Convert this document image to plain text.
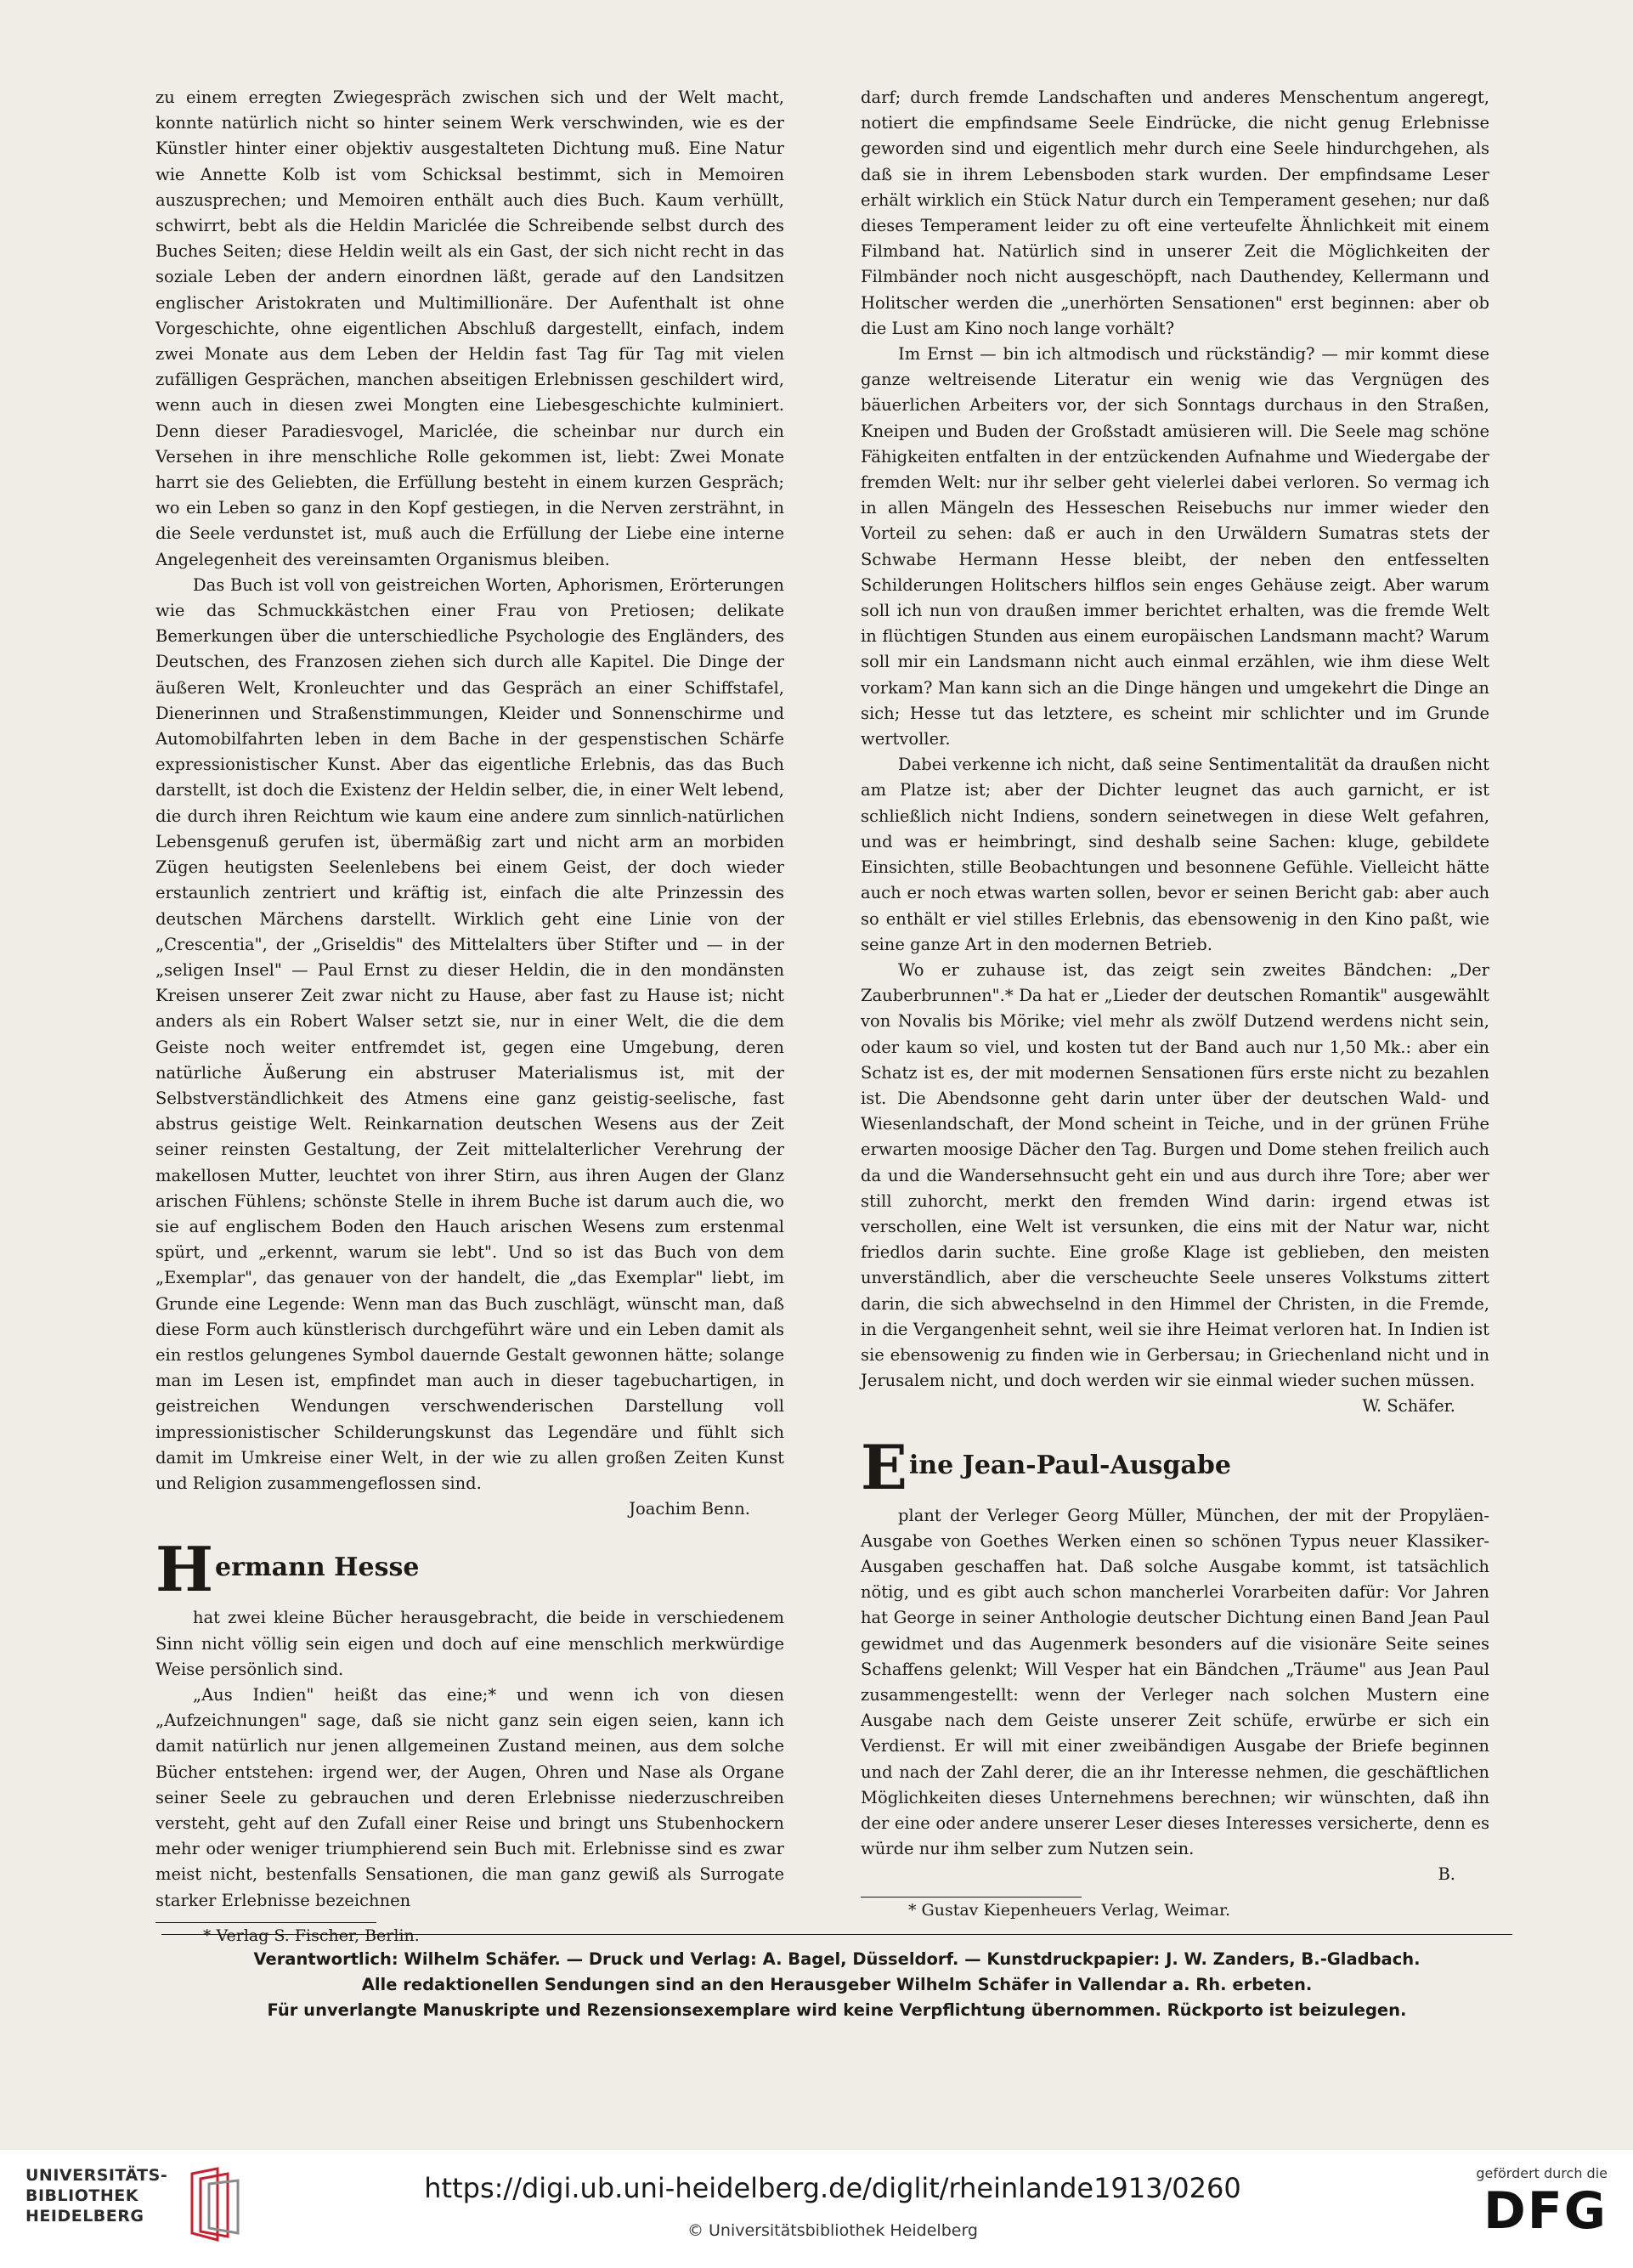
zu einem erregten Zwiegespräch zwischen sich und der Welt macht, konnte natürlich nicht so hinter seinem Werk verschwinden, wie es der Künstler hinter einer objektiv ausgestalteten Dichtung muß. Eine Natur wie Annette Kolb ist vom Schicksal bestimmt, sich in Memoiren auszusprechen; und Memoiren enthält auch dies Buch. Kaum verhüllt, schwirrt, bebt als die Heldin Mariclée die Schreibende selbst durch des Buches Seiten; diese Heldin weilt als ein Gast, der sich nicht recht in das soziale Leben der andern einordnen läßt, gerade auf den Landsitzen englischer Aristokraten und Multimillionäre. Der Aufenthalt ist ohne Vorgeschichte, ohne eigentlichen Abschluß dargestellt, einfach, indem zwei Monate aus dem Leben der Heldin fast Tag für Tag mit vielen zufälligen Gesprächen, manchen abseitigen Erlebnissen geschildert wird, wenn auch in diesen zwei Mongten eine Liebesgeschichte kulminiert. Denn dieser Paradiesvogel, Mariclée, die scheinbar nur durch ein Versehen in ihre menschliche Rolle gekommen ist, liebt: Zwei Monate harrt sie des Geliebten, die Erfüllung besteht in einem kurzen Gespräch; wo ein Leben so ganz in den Kopf gestiegen, in die Nerven zersträhnt, in die Seele verdunstet ist, muß auch die Erfüllung der Liebe eine interne Angelegenheit des vereinsamten Organismus bleiben.

Das Buch ist voll von geistreichen Worten, Aphorismen, Erörterungen wie das Schmuckkästchen einer Frau von Pretiosen; delikate Bemerkungen über die unterschiedliche Psychologie des Engländers, des Deutschen, des Franzosen ziehen sich durch alle Kapitel. Die Dinge der äußeren Welt, Kronleuchter und das Gespräch an einer Schiffstafel, Dienerinnen und Straßenstimmungen, Kleider und Sonnenschirme und Automobilfahrten leben in dem Bache in der gespenstischen Schärfe expressionistischer Kunst. Aber das eigentliche Erlebnis, das das Buch darstellt, ist doch die Existenz der Heldin selber, die, in einer Welt lebend, die durch ihren Reichtum wie kaum eine andere zum sinnlich-natürlichen Lebensgenuß gerufen ist, übermäßig zart und nicht arm an morbiden Zügen heutigsten Seelenlebens bei einem Geist, der doch wieder erstaunlich zentriert und kräftig ist, einfach die alte Prinzessin des deutschen Märchens darstellt. Wirklich geht eine Linie von der „Crescentia", der „Griseldis" des Mittelalters über Stifter und — in der „seligen Insel" — Paul Ernst zu dieser Heldin, die in den mondänsten Kreisen unserer Zeit zwar nicht zu Hause, aber fast zu Hause ist; nicht anders als ein Robert Walser setzt sie, nur in einer Welt, die die dem Geiste noch weiter entfremdet ist, gegen eine Umgebung, deren natürliche Äußerung ein abstruser Materialismus ist, mit der Selbstverständlichkeit des Atmens eine ganz geistig-seelische, fast abstrus geistige Welt. Reinkarnation deutschen Wesens aus der Zeit seiner reinsten Gestaltung, der Zeit mittelalterlicher Verehrung der makellosen Mutter, leuchtet von ihrer Stirn, aus ihren Augen der Glanz arischen Fühlens; schönste Stelle in ihrem Buche ist darum auch die, wo sie auf englischem Boden den Hauch arischen Wesens zum erstenmal spürt, und „erkennt, warum sie lebt". Und so ist das Buch von dem „Exemplar", das genauer von der handelt, die „das Exemplar" liebt, im Grunde eine Legende: Wenn man das Buch zuschlägt, wünscht man, daß diese Form auch künstlerisch durchgeführt wäre und ein Leben damit als ein restlos gelungenes Symbol dauernde Gestalt gewonnen hätte; solange man im Lesen ist, empfindet man auch in dieser tagebuchartigen, in geistreichen Wendungen verschwenderischen Darstellung voll impressionistischer Schilderungskunst das Legendäre und fühlt sich damit im Umkreise einer Welt, in der wie zu allen großen Zeiten Kunst und Religion zusammengeflossen sind.

Joachim Benn.
Hermann Hesse

hat zwei kleine Bücher herausgebracht, die beide in verschiedenem Sinn nicht völlig sein eigen und doch auf eine menschlich merkwürdige Weise persönlich sind.

„Aus Indien" heißt das eine;* und wenn ich von diesen „Aufzeichnungen" sage, daß sie nicht ganz sein eigen seien, kann ich damit natürlich nur jenen allgemeinen Zustand meinen, aus dem solche Bücher entstehen: irgend wer, der Augen, Ohren und Nase als Organe seiner Seele zu gebrauchen und deren Erlebnisse niederzuschreiben versteht, geht auf den Zufall einer Reise und bringt uns Stubenhockern mehr oder weniger triumphierend sein Buch mit. Erlebnisse sind es zwar meist nicht, bestenfalls Sensationen, die man ganz gewiß als Surrogate starker Erlebnisse bezeichnen

* Verlag S. Fischer, Berlin.

darf; durch fremde Landschaften und anderes Menschentum angeregt, notiert die empfindsame Seele Eindrücke, die nicht genug Erlebnisse geworden sind und eigentlich mehr durch eine Seele hindurchgehen, als daß sie in ihrem Lebensboden stark wurden. Der empfindsame Leser erhält wirklich ein Stück Natur durch ein Temperament gesehen; nur daß dieses Temperament leider zu oft eine verteufelte Ähnlichkeit mit einem Filmband hat. Natürlich sind in unserer Zeit die Möglichkeiten der Filmbänder noch nicht ausgeschöpft, nach Dauthendey, Kellermann und Holitscher werden die „unerhörten Sensationen" erst beginnen: aber ob die Lust am Kino noch lange vorhält?

Im Ernst — bin ich altmodisch und rückständig? — mir kommt diese ganze weltreisende Literatur ein wenig wie das Vergnügen des bäuerlichen Arbeiters vor, der sich Sonntags durchaus in den Straßen, Kneipen und Buden der Großstadt amüsieren will. Die Seele mag schöne Fähigkeiten entfalten in der entzückenden Aufnahme und Wiedergabe der fremden Welt: nur ihr selber geht vielerlei dabei verloren. So vermag ich in allen Mängeln des Hesseschen Reisebuchs nur immer wieder den Vorteil zu sehen: daß er auch in den Urwäldern Sumatras stets der Schwabe Hermann Hesse bleibt, der neben den entfesselten Schilderungen Holitschers hilflos sein enges Gehäuse zeigt. Aber warum soll ich nun von draußen immer berichtet erhalten, was die fremde Welt in flüchtigen Stunden aus einem europäischen Landsmann macht? Warum soll mir ein Landsmann nicht auch einmal erzählen, wie ihm diese Welt vorkam? Man kann sich an die Dinge hängen und umgekehrt die Dinge an sich; Hesse tut das letztere, es scheint mir schlichter und im Grunde wertvoller.

Dabei verkenne ich nicht, daß seine Sentimentalität da draußen nicht am Platze ist; aber der Dichter leugnet das auch garnicht, er ist schließlich nicht Indiens, sondern seinetwegen in diese Welt gefahren, und was er heimbringt, sind deshalb seine Sachen: kluge, gebildete Einsichten, stille Beobachtungen und besonnene Gefühle. Vielleicht hätte auch er noch etwas warten sollen, bevor er seinen Bericht gab: aber auch so enthält er viel stilles Erlebnis, das ebensowenig in den Kino paßt, wie seine ganze Art in den modernen Betrieb.

Wo er zuhause ist, das zeigt sein zweites Bändchen: „Der Zauberbrunnen".* Da hat er „Lieder der deutschen Romantik" ausgewählt von Novalis bis Mörike; viel mehr als zwölf Dutzend werdens nicht sein, oder kaum so viel, und kosten tut der Band auch nur 1,50 Mk.: aber ein Schatz ist es, der mit modernen Sensationen fürs erste nicht zu bezahlen ist. Die Abendsonne geht darin unter über der deutschen Wald- und Wiesenlandschaft, der Mond scheint in Teiche, und in der grünen Frühe erwarten moosige Dächer den Tag. Burgen und Dome stehen freilich auch da und die Wandersehnsucht geht ein und aus durch ihre Tore; aber wer still zuhorcht, merkt den fremden Wind darin: irgend etwas ist verschollen, eine Welt ist versunken, die eins mit der Natur war, nicht friedlos darin suchte. Eine große Klage ist geblieben, den meisten unverständlich, aber die verscheuchte Seele unseres Volkstums zittert darin, die sich abwechselnd in den Himmel der Christen, in die Fremde, in die Vergangenheit sehnt, weil sie ihre Heimat verloren hat. In Indien ist sie ebensowenig zu finden wie in Gerbersau; in Griechenland nicht und in Jerusalem nicht, und doch werden wir sie einmal wieder suchen müssen.

W. Schäfer.
Eine Jean-Paul-Ausgabe

plant der Verleger Georg Müller, München, der mit der Propyläen-Ausgabe von Goethes Werken einen so schönen Typus neuer Klassiker-Ausgaben geschaffen hat. Daß solche Ausgabe kommt, ist tatsächlich nötig, und es gibt auch schon mancherlei Vorarbeiten dafür: Vor Jahren hat George in seiner Anthologie deutscher Dichtung einen Band Jean Paul gewidmet und das Augenmerk besonders auf die visionäre Seite seines Schaffens gelenkt; Will Vesper hat ein Bändchen „Träume" aus Jean Paul zusammengestellt: wenn der Verleger nach solchen Mustern eine Ausgabe nach dem Geiste unserer Zeit schüfe, erwürbe er sich ein Verdienst. Er will mit einer zweibändigen Ausgabe der Briefe beginnen und nach der Zahl derer, die an ihr Interesse nehmen, die geschäftlichen Möglichkeiten dieses Unternehmens berechnen; wir wünschten, daß ihn der eine oder andere unserer Leser dieses Interesses versicherte, denn es würde nur ihm selber zum Nutzen sein.

B.

* Gustav Kiepenheuers Verlag, Weimar.

Verantwortlich: Wilhelm Schäfer. — Druck und Verlag: A. Bagel, Düsseldorf. — Kunstdruckpapier: J. W. Zanders, B.-Gladbach.
Alle redaktionellen Sendungen sind an den Herausgeber Wilhelm Schäfer in Vallendar a. Rh. erbeten.
Für unverlangte Manuskripte und Rezensionsexemplare wird keine Verpflichtung übernommen. Rückporto ist beizulegen.
UNIVERSITÄTS-
BIBLIOTHEK
HEIDELBERG
https://digi.ub.uni-heidelberg.de/diglit/rheinlande1913/0260
© Universitätsbibliothek Heidelberg
gefördert durch die
DFG
